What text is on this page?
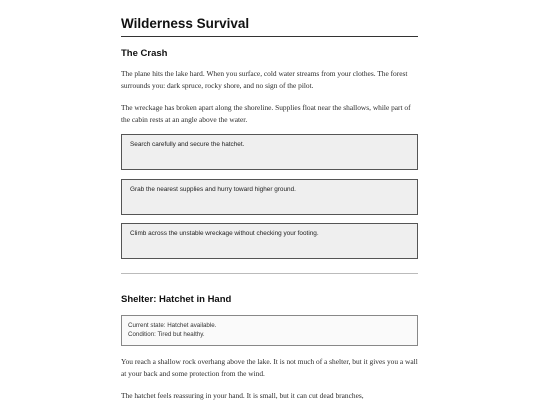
Wilderness Survival
The Crash

The plane hits the lake hard. When you surface, cold water streams from your clothes. The forest surrounds you: dark spruce, rocky shore, and no sign of the pilot.

The wreckage has broken apart along the shoreline. Supplies float near the shallows, while part of the cabin rests at an angle above the water.

Search carefully and secure the hatchet.
Grab the nearest supplies and hurry toward higher ground.
Climb across the unstable wreckage without checking your footing.
Shelter: Hatchet in Hand
Current state: Hatchet available.
Condition: Tired but healthy.

You reach a shallow rock overhang above the lake. It is not much of a shelter, but it gives you a wall at your back and some protection from the wind.

The hatchet feels reassuring in your hand. It is small, but it can cut dead branches,
